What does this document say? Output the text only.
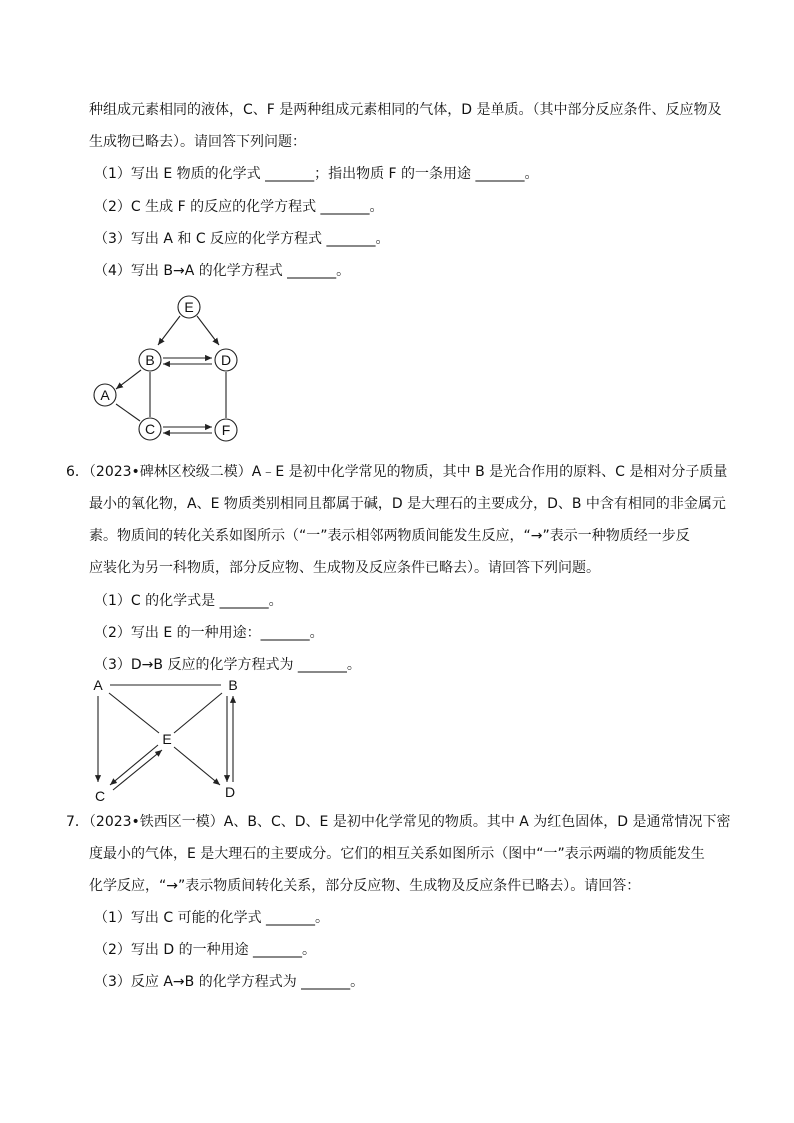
种组成元素相同的液体，C、F 是两种组成元素相同的气体，D 是单质。（其中部分反应条件、反应物及
生成物已略去）。请回答下列问题：
（1）写出 E 物质的化学式 _______；指出物质 F 的一条用途 _______。
（2）C 生成 F 的反应的化学方程式 _______。
（3）写出 A 和 C 反应的化学方程式 _______。
（4）写出 B→A 的化学方程式 _______。
E
B	D
A
C	F
6．（2023•碑林区校级二模）A﹣E 是初中化学常见的物质，其中 B 是光合作用的原料、C 是相对分子质量
最小的氧化物，A、E 物质类别相同且都属于碱，D 是大理石的主要成分，D、B 中含有相同的非金属元
素。物质间的转化关系如图所示（“一”表示相邻两物质间能发生反应，“→”表示一种物质经一步反
应装化为另一科物质，部分反应物、生成物及反应条件已略去）。请回答下列问题。
（1）C 的化学式是 _______。
（2）写出 E 的一种用途：_______。
（3）D→B 反应的化学方程式为 _______。
A	B
E
C	D
7．（2023•铁西区一模）A、B、C、D、E 是初中化学常见的物质。其中 A 为红色固体，D 是通常情况下密
度最小的气体，E 是大理石的主要成分。它们的相互关系如图所示（图中“一”表示两端的物质能发生
化学反应，“→”表示物质间转化关系，部分反应物、生成物及反应条件已略去）。请回答：
（1）写出 C 可能的化学式 _______。
（2）写出 D 的一种用途 _______。
（3）反应 A→B 的化学方程式为 _______。
